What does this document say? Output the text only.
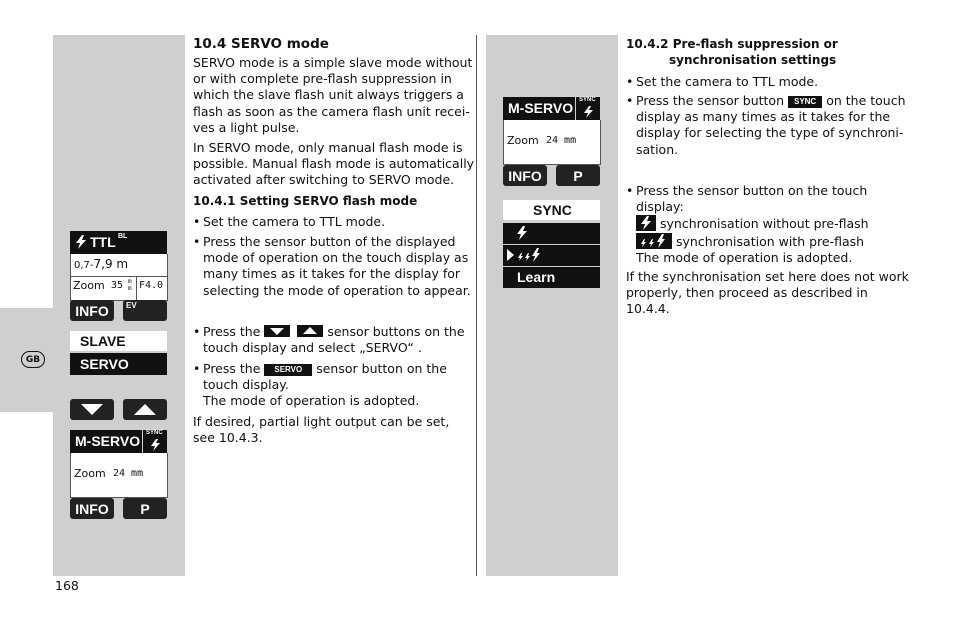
GB
TTL BL
0,7-7,9 m
Zoom 35 m
m F4.0
INFO EV
SLAVE
SERVO
M-SERVO SYNC
Zoom 24 mm
INFO P
168
10.4 SERVO mode
SERVO mode is a simple slave mode without
or with complete pre-flash suppression in
which the slave flash unit always triggers a
flash as soon as the camera flash unit recei-
ves a light pulse.
In SERVO mode, only manual flash mode is
possible. Manual flash mode is automatically
activated after switching to SERVO mode.
10.4.1 Setting SERVO flash mode
• Set the camera to TTL mode.
• Press the sensor button of the displayed
mode of operation on the touch display as
many times as it takes for the display for
selecting the mode of operation to appear.
• Press the
	sensor buttons on the
touch display and select „SERVO“ .
• Press the SERVO sensor button on the
touch display.
The mode of operation is adopted.
If desired, partial light output can be set,
see 10.4.3.
M-SERVO SYNC
Zoom 24 mm
INFO P
SYNC
Learn
10.4.2 Pre-flash suppression or
synchronisation settings
• Set the camera to TTL mode.
• Press the sensor button SYNC on the touch
display as many times as it takes for the
display for selecting the type of synchroni-
sation.
• Press the sensor button on the touch
display:
synchronisation without pre-flash
synchronisation with pre-flash
The mode of operation is adopted.
If the synchronisation set here does not work
properly, then proceed as described in
10.4.4.
